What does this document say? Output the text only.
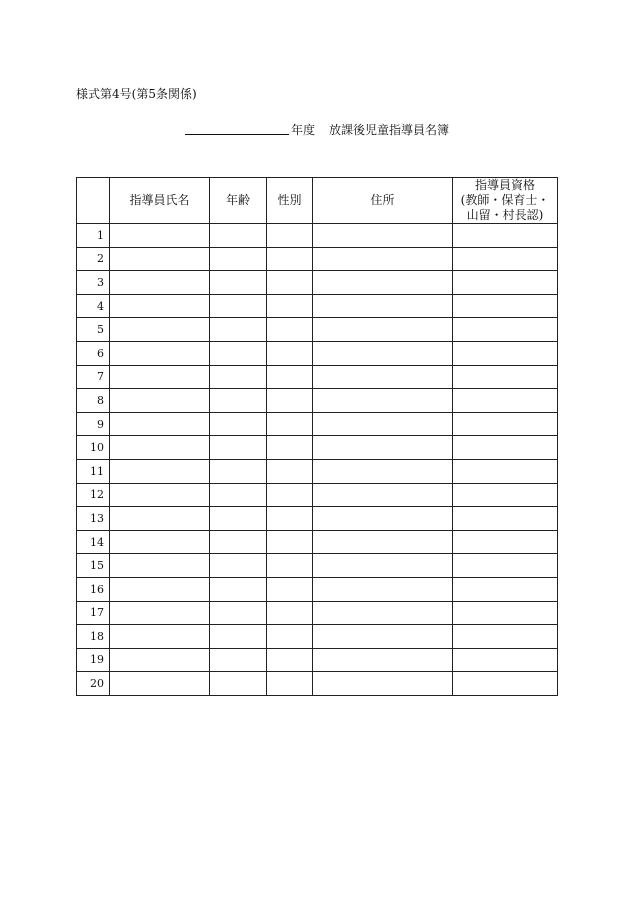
様式第4号(第5条関係)
年度 放課後児童指導員名簿
	指導員氏名	年齢	性別	住所	指導員資格
(教師・保育士・
山留・村長認)

1					
2					
3					
4					
5					
6					
7					
8					
9					
10					
11					
12					
13					
14					
15					
16					
17					
18					
19					
20					
